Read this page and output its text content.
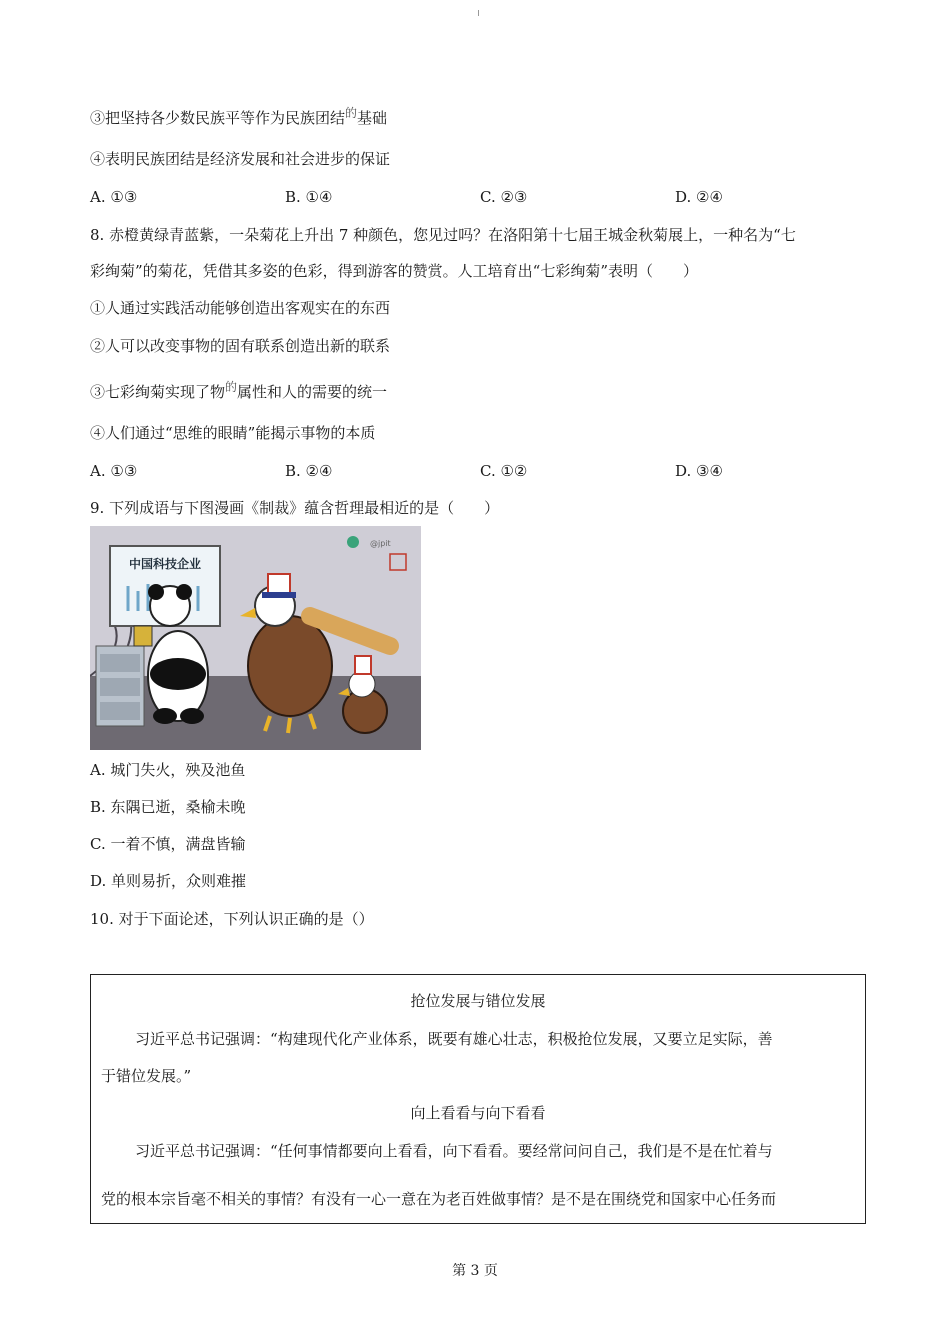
③把坚持各少数民族平等作为民族团结$^的$基础
④表明民族团结是经济发展和社会进步的保证
A. ①③	B. ①④	C. ②③	D. ②④
8. 赤橙黄绿青蓝紫，一朵菊花上升出 7 种颜色，您见过吗？在洛阳第十七届王城金秋菊展上，一种名为“七
彩绚菊”的菊花，凭借其多姿的色彩，得到游客的赞赏。人工培育出“七彩绚菊”表明（　　）
①人通过实践活动能够创造出客观实在的东西
②人可以改变事物的固有联系创造出新的联系
③七彩绚菊实现了物$^的$属性和人的需要的统一
④人们通过“思维的眼睛”能揭示事物的本质
A. ①③	B. ②④	C. ①②	D. ③④
9. 下列成语与下图漫画《制裁》蕴含哲理最相近的是（　　）
中国科技企业
@jpit
A. 城门失火，殃及池鱼
B. 东隅已逝，桑榆未晚
C. 一着不慎，满盘皆输
D. 单则易折，众则难摧
10. 对于下面论述，下列认识正确的是（）
抢位发展与错位发展
习近平总书记强调：“构建现代化产业体系，既要有雄心壮志，积极抢位发展，又要立足实际，善
于错位发展。”
向上看看与向下看看
习近平总书记强调：“任何事情都要向上看看，向下看看。要经常问问自己，我们是不是在忙着与
党的根本宗旨毫不相关的事情？有没有一心一意在为老百姓做事情？是不是在围绕党和国家中心任务而
第 3 页
